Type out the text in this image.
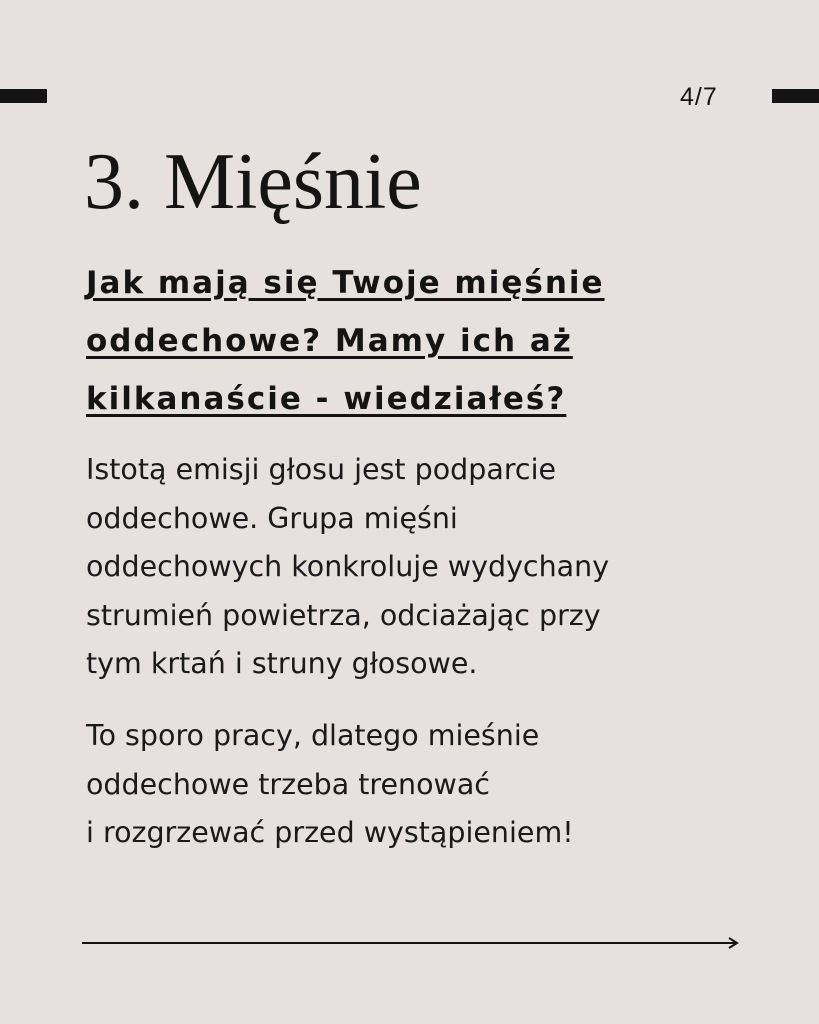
4/7
3. Mięśnie
Jak mają się Twoje mięśnie
oddechowe? Mamy ich aż
kilkanaście - wiedziałeś?

Istotą emisji głosu jest podparcie
oddechowe. Grupa mięśni
oddechowych konkroluje wydychany
strumień powietrza, odciażając przy
tym krtań i struny głosowe.

To sporo pracy, dlatego mieśnie
oddechowe trzeba trenować
i rozgrzewać przed wystąpieniem!
